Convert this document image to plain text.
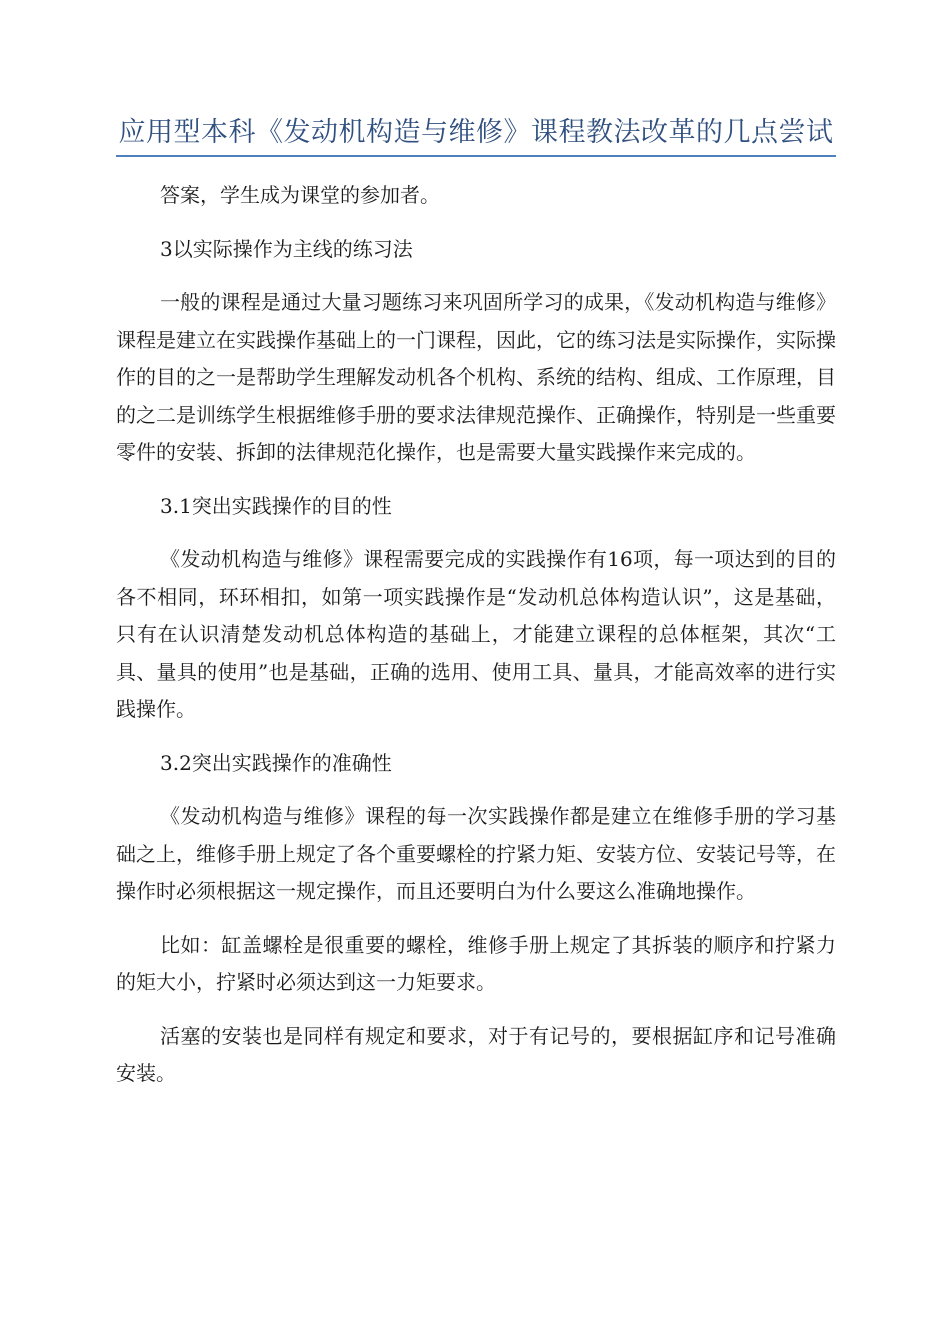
应用型本科《发动机构造与维修》课程教法改革的几点尝试

答案，学生成为课堂的参加者。

3以实际操作为主线的练习法

一般的课程是通过大量习题练习来巩固所学习的成果，《发动机构造与维修》课程是建立在实践操作基础上的一门课程，因此，它的练习法是实际操作，实际操作的目的之一是帮助学生理解发动机各个机构、系统的结构、组成、工作原理，目的之二是训练学生根据维修手册的要求法律规范操作、正确操作，特别是一些重要零件的安装、拆卸的法律规范化操作，也是需要大量实践操作来完成的。

3.1突出实践操作的目的性

《发动机构造与维修》课程需要完成的实践操作有16项，每一项达到的目的各不相同，环环相扣，如第一项实践操作是“发动机总体构造认识”，这是基础，只有在认识清楚发动机总体构造的基础上，才能建立课程的总体框架，其次“工具、量具的使用”也是基础，正确的选用、使用工具、量具，才能高效率的进行实践操作。

3.2突出实践操作的准确性

《发动机构造与维修》课程的每一次实践操作都是建立在维修手册的学习基础之上，维修手册上规定了各个重要螺栓的拧紧力矩、安装方位、安装记号等，在操作时必须根据这一规定操作，而且还要明白为什么要这么准确地操作。

比如：缸盖螺栓是很重要的螺栓，维修手册上规定了其拆装的顺序和拧紧力的矩大小，拧紧时必须达到这一力矩要求。

活塞的安装也是同样有规定和要求，对于有记号的，要根据缸序和记号准确安装。
